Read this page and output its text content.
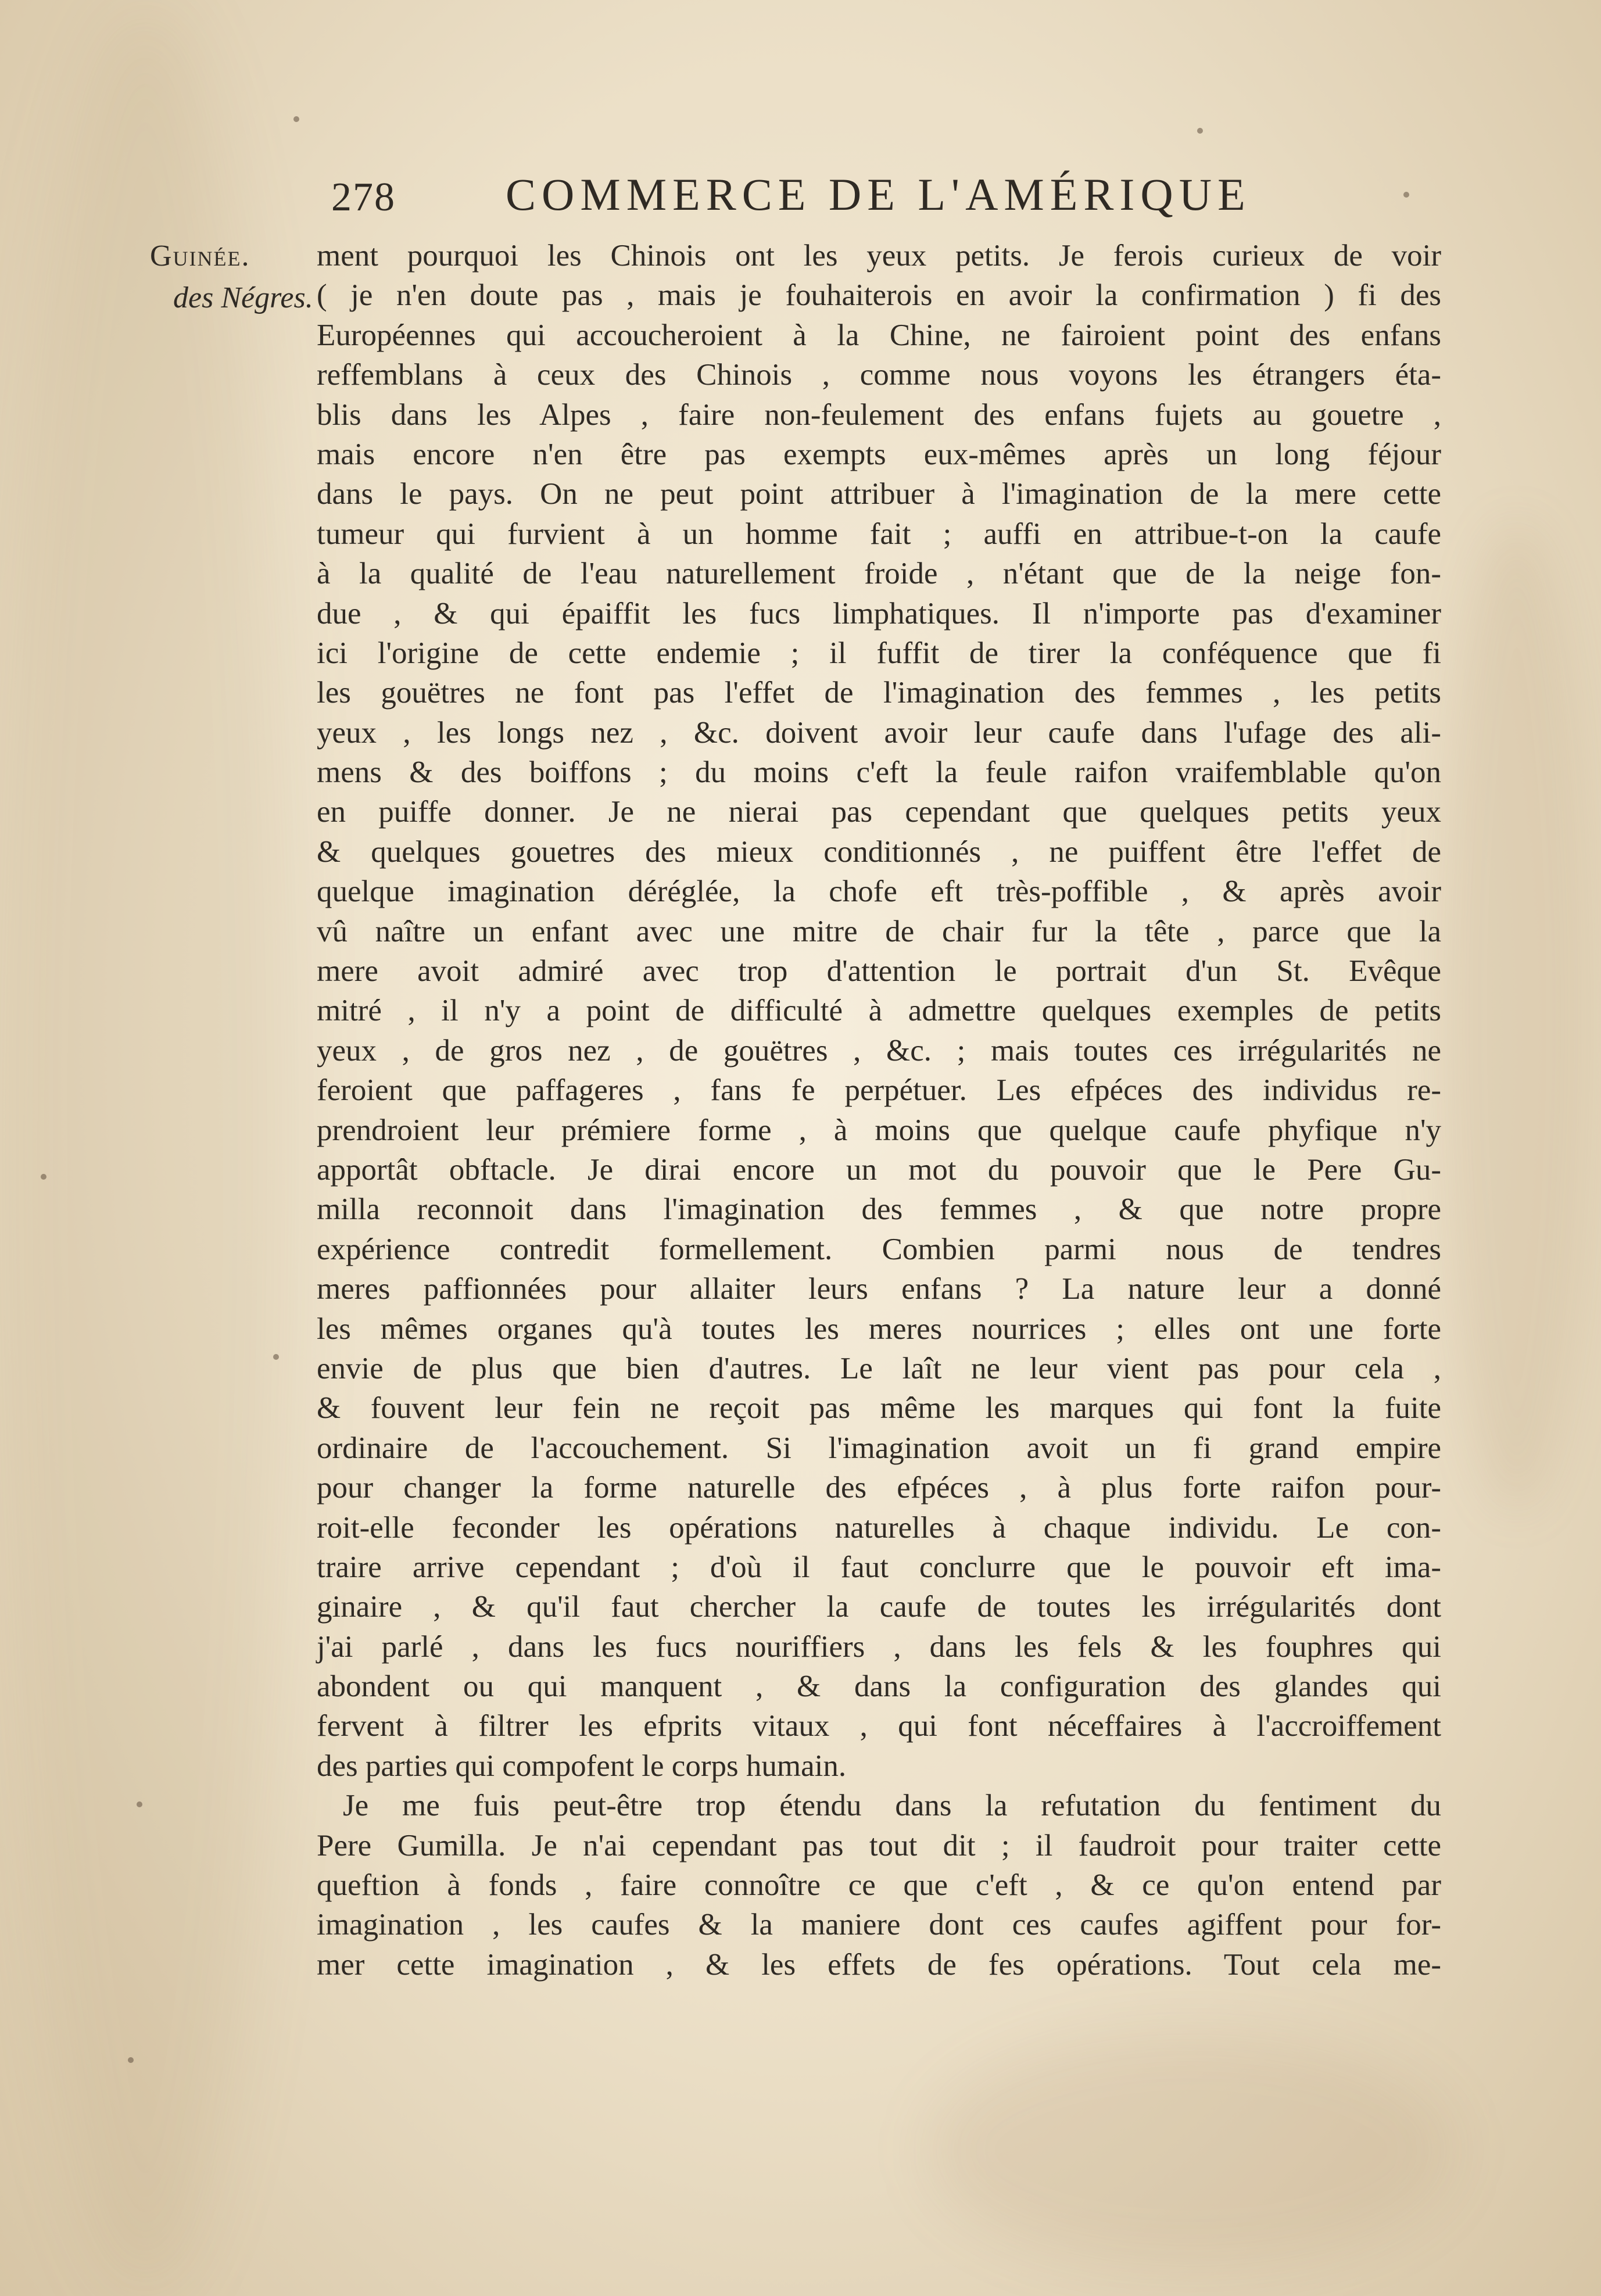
278 COMMERCE DE L'AMÉRIQUE
Guinée.
des Négres.
ment pourquoi les Chinois ont les yeux petits. Je ferois curieux de voir
( je n'en doute pas , mais je fouhaiterois en avoir la confirmation ) fi des
Européennes qui accoucheroient à la Chine, ne fairoient point des enfans
reffemblans à ceux des Chinois , comme nous voyons les étrangers éta-
blis dans les Alpes , faire non-feulement des enfans fujets au gouetre ,
mais encore n'en être pas exempts eux-mêmes après un long féjour
dans le pays. On ne peut point attribuer à l'imagination de la mere cette
tumeur qui furvient à un homme fait ; auffi en attribue-t-on la caufe
à la qualité de l'eau naturellement froide , n'étant que de la neige fon-
due , & qui épaiffit les fucs limphatiques. Il n'importe pas d'examiner
ici l'origine de cette endemie ; il fuffit de tirer la conféquence que fi
les gouëtres ne font pas l'effet de l'imagination des femmes , les petits
yeux , les longs nez , &c. doivent avoir leur caufe dans l'ufage des ali-
mens & des boiffons ; du moins c'eft la feule raifon vraifemblable qu'on
en puiffe donner. Je ne nierai pas cependant que quelques petits yeux
& quelques gouetres des mieux conditionnés , ne puiffent être l'effet de
quelque imagination déréglée, la chofe eft très-poffible , & après avoir
vû naître un enfant avec une mitre de chair fur la tête , parce que la
mere avoit admiré avec trop d'attention le portrait d'un St. Evêque
mitré , il n'y a point de difficulté à admettre quelques exemples de petits
yeux , de gros nez , de gouëtres , &c. ; mais toutes ces irrégularités ne
feroient que paffageres , fans fe perpétuer. Les efpéces des individus re-
prendroient leur prémiere forme , à moins que quelque caufe phyfique n'y
apportât obftacle. Je dirai encore un mot du pouvoir que le Pere Gu-
milla reconnoit dans l'imagination des femmes , & que notre propre
expérience contredit formellement. Combien parmi nous de tendres
meres paffionnées pour allaiter leurs enfans ? La nature leur a donné
les mêmes organes qu'à toutes les meres nourrices ; elles ont une forte
envie de plus que bien d'autres. Le laît ne leur vient pas pour cela ,
& fouvent leur fein ne reçoit pas même les marques qui font la fuite
ordinaire de l'accouchement. Si l'imagination avoit un fi grand empire
pour changer la forme naturelle des efpéces , à plus forte raifon pour-
roit-elle feconder les opérations naturelles à chaque individu. Le con-
traire arrive cependant ; d'où il faut conclurre que le pouvoir eft ima-
ginaire , & qu'il faut chercher la caufe de toutes les irrégularités dont
j'ai parlé , dans les fucs nouriffiers , dans les fels & les fouphres qui
abondent ou qui manquent , & dans la configuration des glandes qui
fervent à filtrer les efprits vitaux , qui font néceffaires à l'accroiffement
des parties qui compofent le corps humain.
Je me fuis peut-être trop étendu dans la refutation du fentiment du
Pere Gumilla. Je n'ai cependant pas tout dit ; il faudroit pour traiter cette
queftion à fonds , faire connoître ce que c'eft , & ce qu'on entend par
imagination , les caufes & la maniere dont ces caufes agiffent pour for-
mer cette imagination , & les effets de fes opérations. Tout cela me-
